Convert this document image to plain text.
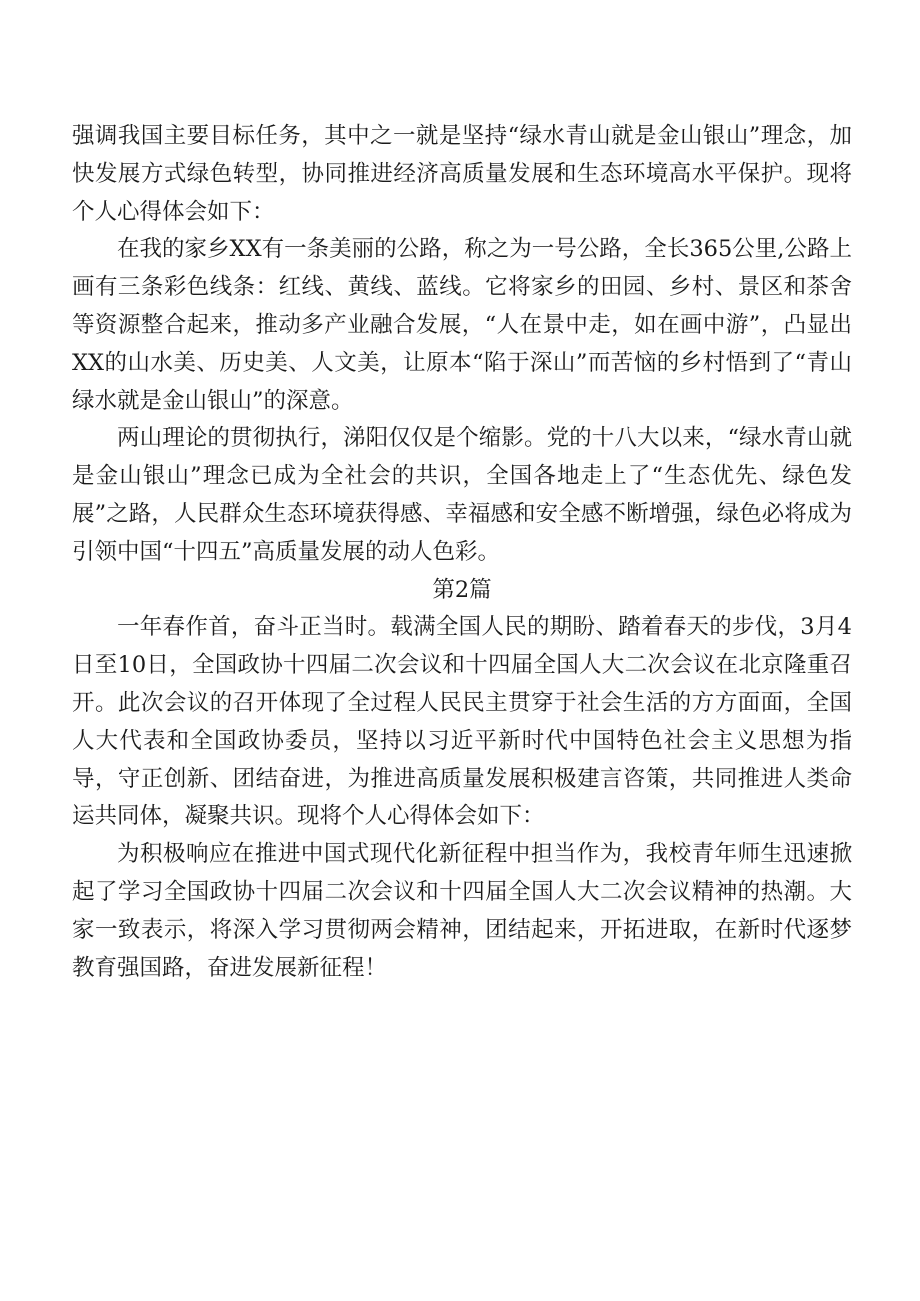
强调我国主要目标任务，其中之一就是坚持“绿水青山就是金山银山”理念，加快发展方式绿色转型，协同推进经济高质量发展和生态环境高水平保护。现将个人心得体会如下：

在我的家乡XX有一条美丽的公路，称之为一号公路，全长365公里,公路上画有三条彩色线条：红线、黄线、蓝线。它将家乡的田园、乡村、景区和茶舍等资源整合起来，推动多产业融合发展，“人在景中走，如在画中游”，凸显出XX的山水美、历史美、人文美，让原本“陷于深山”而苦恼的乡村悟到了“青山绿水就是金山银山”的深意。

两山理论的贯彻执行，涕阳仅仅是个缩影。党的十八大以来，“绿水青山就是金山银山”理念已成为全社会的共识，全国各地走上了“生态优先、绿色发展”之路，人民群众生态环境获得感、幸福感和安全感不断增强，绿色必将成为引领中国“十四五”高质量发展的动人色彩。

第2篇

一年春作首，奋斗正当时。载满全国人民的期盼、踏着春天的步伐，3月4日至10日，全国政协十四届二次会议和十四届全国人大二次会议在北京隆重召开。此次会议的召开体现了全过程人民民主贯穿于社会生活的方方面面，全国人大代表和全国政协委员，坚持以习近平新时代中国特色社会主义思想为指导，守正创新、团结奋进，为推进高质量发展积极建言咨策，共同推进人类命运共同体，凝聚共识。现将个人心得体会如下：

为积极响应在推进中国式现代化新征程中担当作为，我校青年师生迅速掀起了学习全国政协十四届二次会议和十四届全国人大二次会议精神的热潮。大家一致表示，将深入学习贯彻两会精神，团结起来，开拓进取，在新时代逐梦教育强国路，奋进发展新征程！
